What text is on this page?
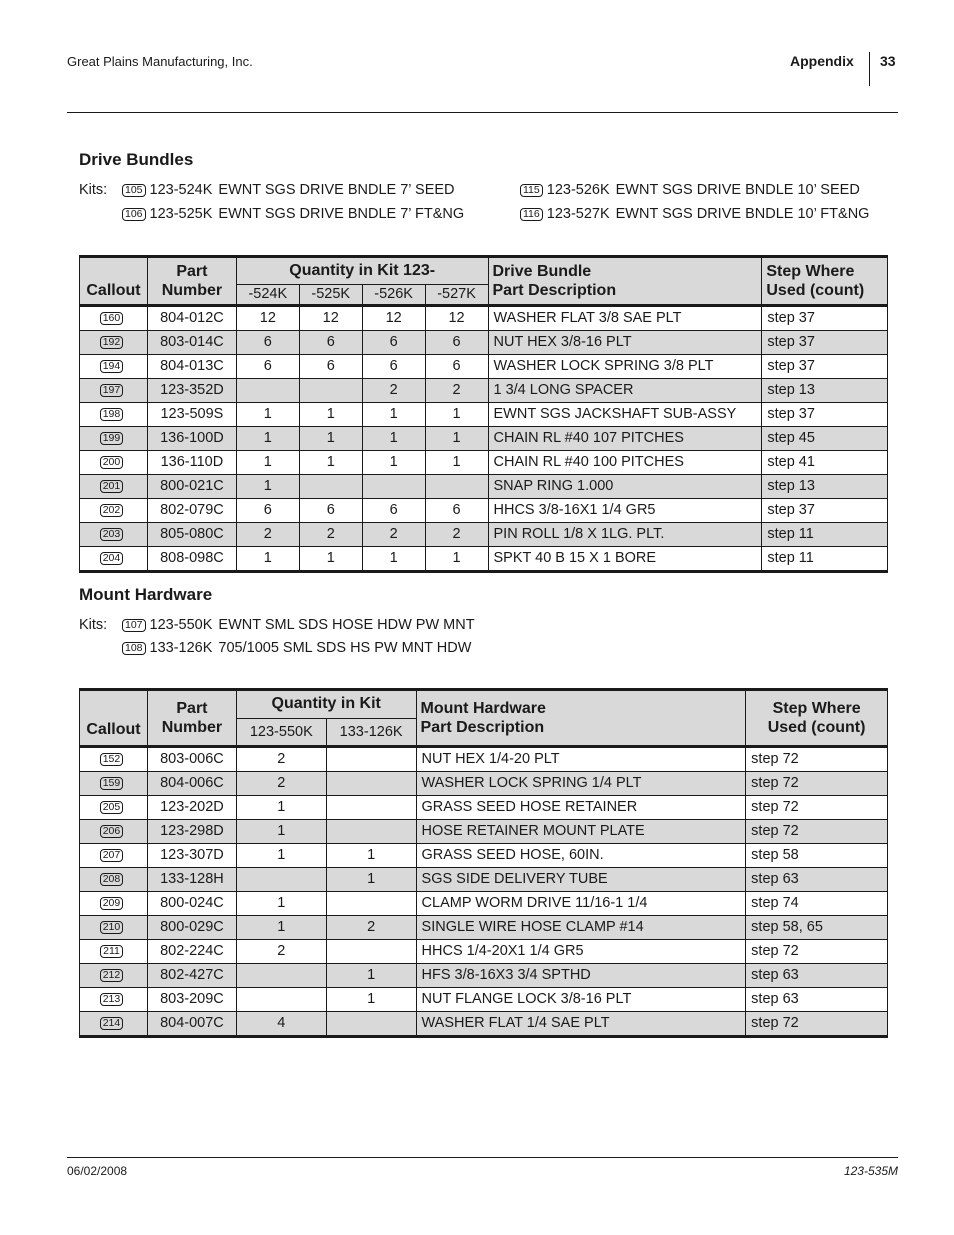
Great Plains Manufacturing, Inc.	Appendix 33
Drive Bundles
Kits: 105 123-524K EWNT SGS DRIVE BNDLE 7’ SEED
106 123-525K EWNT SGS DRIVE BNDLE 7’ FT&NG
115 123-526K EWNT SGS DRIVE BNDLE 10’ SEED
116 123-527K EWNT SGS DRIVE BNDLE 10’ FT&NG
Callout	Part
Number	Quantity in Kit 123-				Drive Bundle
Part Description	Step Where
Used (count)
		-524K	-525K	-526K	-527K		
160	804-012C	12	12	12	12	WASHER FLAT 3/8 SAE PLT	step 37
192	803-014C	6	6	6	6	NUT HEX 3/8-16 PLT	step 37
194	804-013C	6	6	6	6	WASHER LOCK SPRING 3/8 PLT	step 37
197	123-352D			2	2	1 3/4 LONG SPACER	step 13
198	123-509S	1	1	1	1	EWNT SGS JACKSHAFT SUB-ASSY	step 37
199	136-100D	1	1	1	1	CHAIN RL #40 107 PITCHES	step 45
200	136-110D	1	1	1	1	CHAIN RL #40 100 PITCHES	step 41
201	800-021C	1				SNAP RING 1.000	step 13
202	802-079C	6	6	6	6	HHCS 3/8-16X1 1/4 GR5	step 37
203	805-080C	2	2	2	2	PIN ROLL 1/8 X 1LG. PLT.	step 11
204	808-098C	1	1	1	1	SPKT 40 B 15 X 1 BORE	step 11
Mount Hardware
Kits: 107 123-550K EWNT SML SDS HOSE HDW PW MNT
108 133-126K 705/1005 SML SDS HS PW MNT HDW
Callout	Part
Number	Quantity in Kit		Mount Hardware
Part Description	Step Where
Used (count)
		123-550K	133-126K		
152	803-006C	2		NUT HEX 1/4-20 PLT	step 72
159	804-006C	2		WASHER LOCK SPRING 1/4 PLT	step 72
205	123-202D	1		GRASS SEED HOSE RETAINER	step 72
206	123-298D	1		HOSE RETAINER MOUNT PLATE	step 72
207	123-307D	1	1	GRASS SEED HOSE, 60IN.	step 58
208	133-128H		1	SGS SIDE DELIVERY TUBE	step 63
209	800-024C	1		CLAMP WORM DRIVE 11/16-1 1/4	step 74
210	800-029C	1	2	SINGLE WIRE HOSE CLAMP #14	step 58, 65
211	802-224C	2		HHCS 1/4-20X1 1/4 GR5	step 72
212	802-427C		1	HFS 3/8-16X3 3/4 SPTHD	step 63
213	803-209C		1	NUT FLANGE LOCK 3/8-16 PLT	step 63
214	804-007C	4		WASHER FLAT 1/4 SAE PLT	step 72
06/02/2008	123-535M
